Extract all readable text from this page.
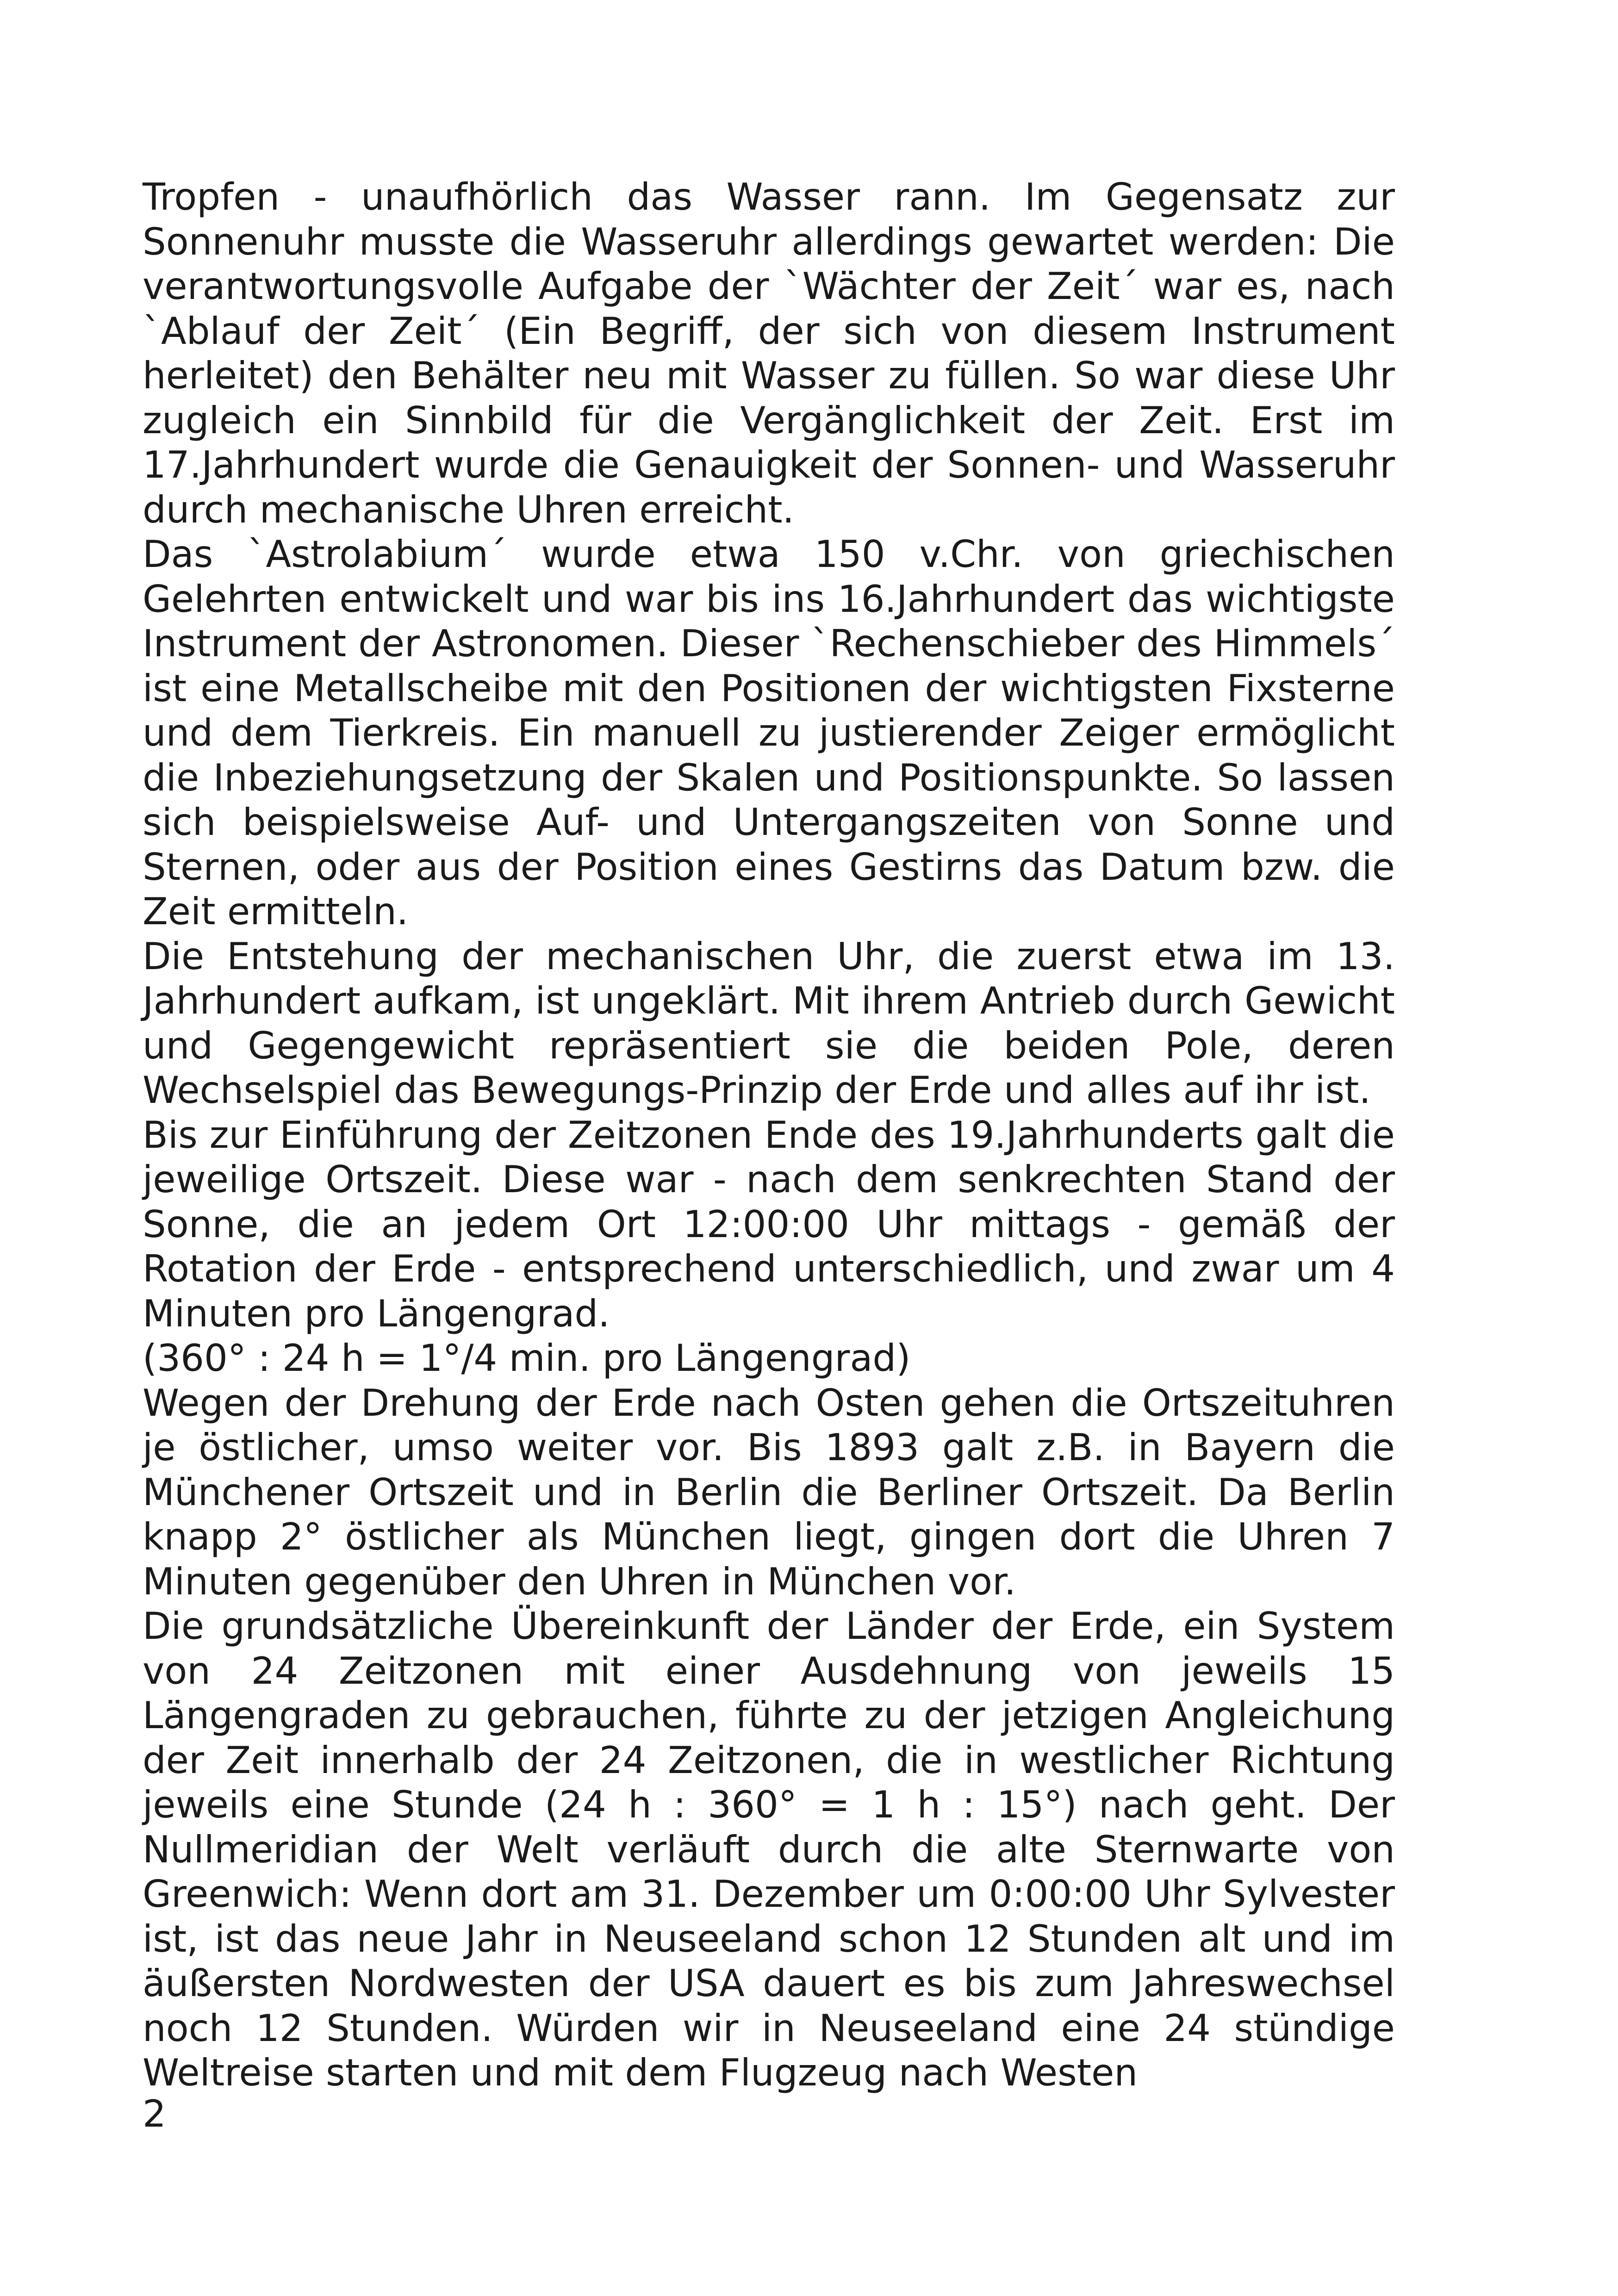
Tropfen - unaufhörlich das Wasser rann. Im Gegensatz zur Sonnenuhr musste die Wasseruhr allerdings gewartet werden: Die verantwortungsvolle Aufgabe der `Wächter der Zeit´ war es, nach `Ablauf der Zeit´ (Ein Begriff, der sich von diesem Instrument herleitet) den Behälter neu mit Wasser zu füllen. So war diese Uhr zugleich ein Sinnbild für die Vergänglichkeit der Zeit. Erst im 17.Jahrhundert wurde die Genauigkeit der Sonnen- und Wasseruhr durch mechanische Uhren erreicht.

Das `Astrolabium´ wurde etwa 150 v.Chr. von griechischen Gelehrten entwickelt und war bis ins 16.Jahrhundert das wichtigste Instrument der Astronomen. Dieser `Rechenschieber des Himmels´ ist eine Metallscheibe mit den Positionen der wichtigsten Fixsterne und dem Tierkreis. Ein manuell zu justierender Zeiger ermöglicht die Inbeziehungsetzung der Skalen und Positionspunkte. So lassen sich beispielsweise Auf- und Untergangszeiten von Sonne und Sternen, oder aus der Position eines Gestirns das Datum bzw. die Zeit ermitteln.

Die Entstehung der mechanischen Uhr, die zuerst etwa im 13. Jahrhundert aufkam, ist ungeklärt. Mit ihrem Antrieb durch Gewicht und Gegengewicht repräsentiert sie die beiden Pole, deren Wechselspiel das Bewegungs-Prinzip der Erde und alles auf ihr ist.

Bis zur Einführung der Zeitzonen Ende des 19.Jahrhunderts galt die jeweilige Ortszeit. Diese war - nach dem senkrechten Stand der Sonne, die an jedem Ort 12:00:00 Uhr mittags - gemäß der Rotation der Erde - entsprechend unterschiedlich, und zwar um 4 Minuten pro Längengrad.

(360° : 24 h = 1°/4 min. pro Längengrad)

Wegen der Drehung der Erde nach Osten gehen die Ortszeituhren je östlicher, umso weiter vor. Bis 1893 galt z.B. in Bayern die Münchener Ortszeit und in Berlin die Berliner Ortszeit. Da Berlin knapp 2° östlicher als München liegt, gingen dort die Uhren 7 Minuten gegenüber den Uhren in München vor.

Die grundsätzliche Übereinkunft der Länder der Erde, ein System von 24 Zeitzonen mit einer Ausdehnung von jeweils 15 Längengraden zu gebrauchen, führte zu der jetzigen Angleichung der Zeit innerhalb der 24 Zeitzonen, die in westlicher Richtung jeweils eine Stunde (24 h : 360° = 1 h : 15°) nach geht. Der Nullmeridian der Welt verläuft durch die alte Sternwarte von Greenwich: Wenn dort am 31. Dezember um 0:00:00 Uhr Sylvester ist, ist das neue Jahr in Neuseeland schon 12 Stunden alt und im äußersten Nordwesten der USA dauert es bis zum Jahreswechsel noch 12 Stunden. Würden wir in Neuseeland eine 24 stündige Weltreise starten und mit dem Flugzeug nach Westen

2
